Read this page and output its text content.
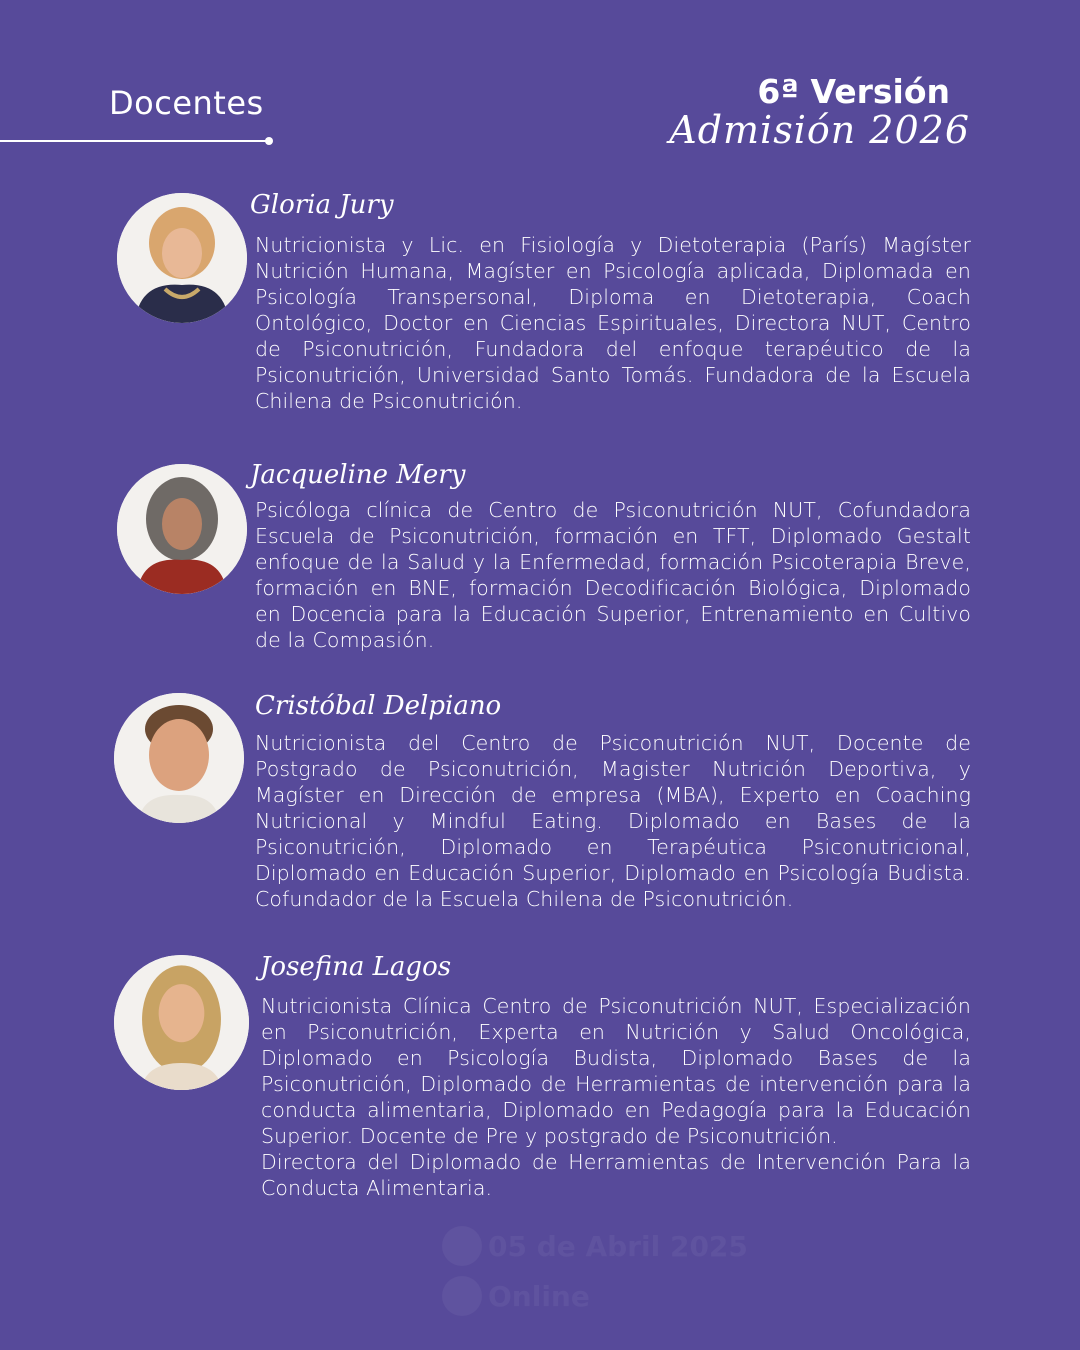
Docentes	6ª Versión
Admisión 2026
Gloria Jury
Nutricionista y Lic. en Fisiología y Dietoterapia (París) Magíster Nutrición Humana, Magíster en Psicología aplicada, Diplomada en Psicología Transpersonal, Diploma en Dietoterapia, Coach Ontológico, Doctor en Ciencias Espirituales, Directora NUT, Centro de Psiconutrición, Fundadora del enfoque terapéutico de la Psiconutrición, Universidad Santo Tomás. Fundadora de la Escuela Chilena de Psiconutrición.
Jacqueline Mery
Psicóloga clínica de Centro de Psiconutrición NUT, Cofundadora Escuela de Psiconutrición, formación en TFT, Diplomado Gestalt enfoque de la Salud y la Enfermedad, formación Psicoterapia Breve, formación en BNE, formación Decodificación Biológica, Diplomado en Docencia para la Educación Superior, Entrenamiento en Cultivo de la Compasión.
Cristóbal Delpiano
Nutricionista del Centro de Psiconutrición NUT, Docente de Postgrado de Psiconutrición, Magister Nutrición Deportiva, y Magíster en Dirección de empresa (MBA), Experto en Coaching Nutricional y Mindful Eating. Diplomado en Bases de la Psiconutrición, Diplomado en Terapéutica Psiconutricional, Diplomado en Educación Superior, Diplomado en Psicología Budista. Cofundador de la Escuela Chilena de Psiconutrición.
Josefina Lagos
Nutricionista Clínica Centro de Psiconutrición NUT, Especialización en Psiconutrición, Experta en Nutrición y Salud Oncológica, Diplomado en Psicología Budista, Diplomado Bases de la Psiconutrición, Diplomado de Herramientas de intervención para la conducta alimentaria, Diplomado en Pedagogía para la Educación Superior. Docente de Pre y postgrado de Psiconutrición.
Directora del Diplomado de Herramientas de Intervención Para la Conducta Alimentaria.
05 de Abril 2025
Online
